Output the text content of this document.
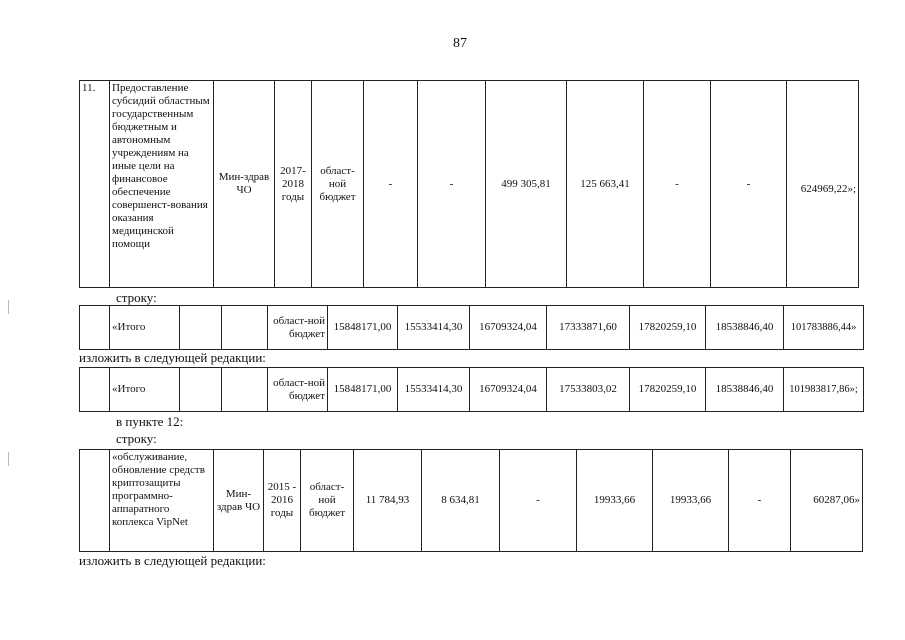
87
11.	Предоставление субсидий областным государственным бюджетным и автономным учреждениям на иные цели на финансовое обеспечение совершенст-вования оказания медицинской помощи	Мин-здрав ЧО	2017-2018 годы	област-ной бюджет	-	-	499 305,81	125 663,41	-	-	624969,22»;
строку:
	«Итого			област-ной бюджет	15848171,00	15533414,30	16709324,04	17333871,60	17820259,10	18538846,40	101783886,44»
изложить в следующей редакции:
	«Итого			област-ной бюджет	15848171,00	15533414,30	16709324,04	17533803,02	17820259,10	18538846,40	101983817,86»;
в пункте 12:
строку:
	«обслуживание, обновление средств криптозащиты программно-аппаратного коплекса VipNet	Мин-здрав ЧО	2015 - 2016 годы	област-ной бюджет	11 784,93	8 634,81	-	19933,66	19933,66	-	60287,06»
изложить в следующей редакции:
